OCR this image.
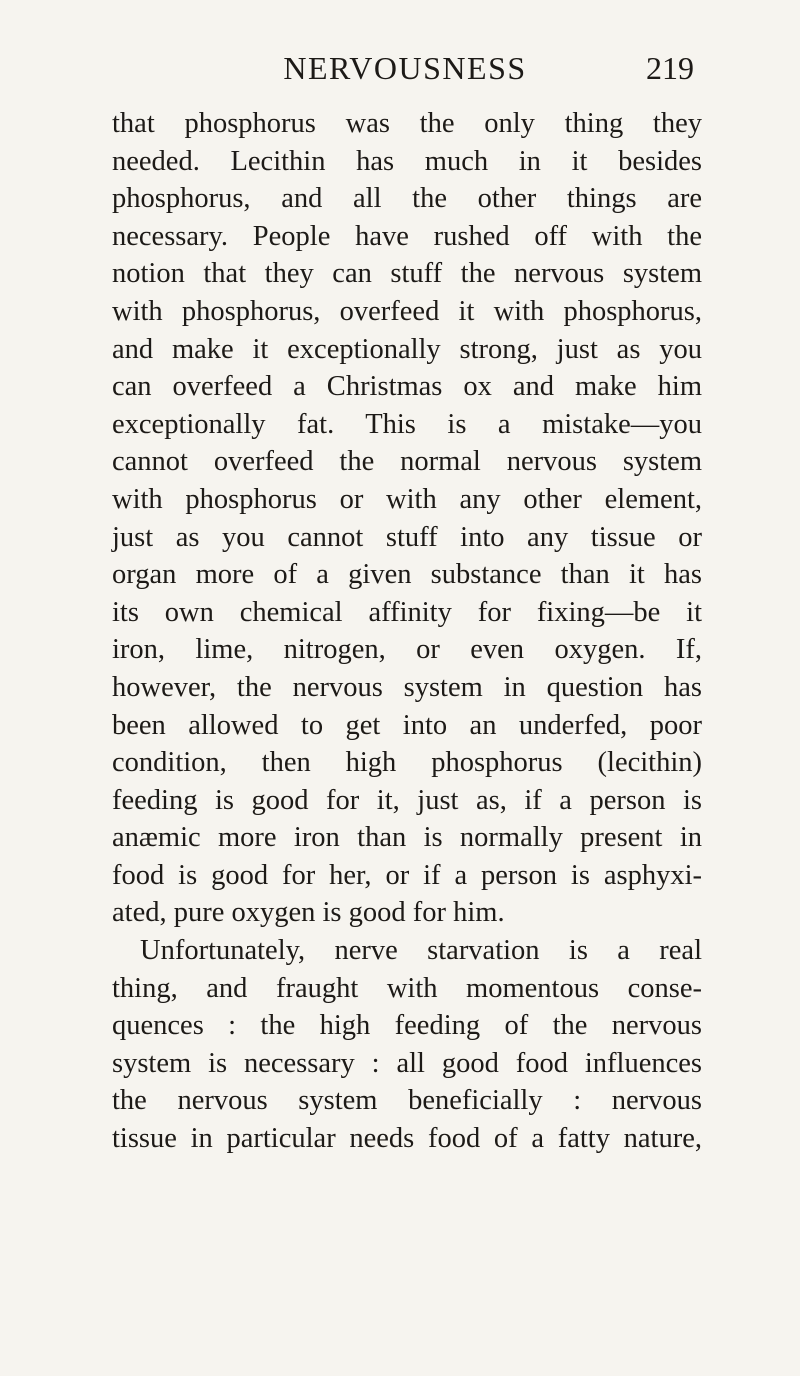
NERVOUSNESS	219
that phosphorus was the only thing they
needed. Lecithin has much in it besides
phosphorus, and all the other things are
necessary. People have rushed off with the
notion that they can stuff the nervous system
with phosphorus, overfeed it with phosphorus,
and make it exceptionally strong, just as you
can overfeed a Christmas ox and make him
exceptionally fat. This is a mistake—you
cannot overfeed the normal nervous system
with phosphorus or with any other element,
just as you cannot stuff into any tissue or
organ more of a given substance than it has
its own chemical affinity for fixing—be it
iron, lime, nitrogen, or even oxygen. If,
however, the nervous system in question has
been allowed to get into an underfed, poor
condition, then high phosphorus (lecithin)
feeding is good for it, just as, if a person is
anæmic more iron than is normally present in
food is good for her, or if a person is asphyxi-
ated, pure oxygen is good for him.
Unfortunately, nerve starvation is a real
thing, and fraught with momentous conse-
quences : the high feeding of the nervous
system is necessary : all good food influences
the nervous system beneficially : nervous
tissue in particular needs food of a fatty nature,
